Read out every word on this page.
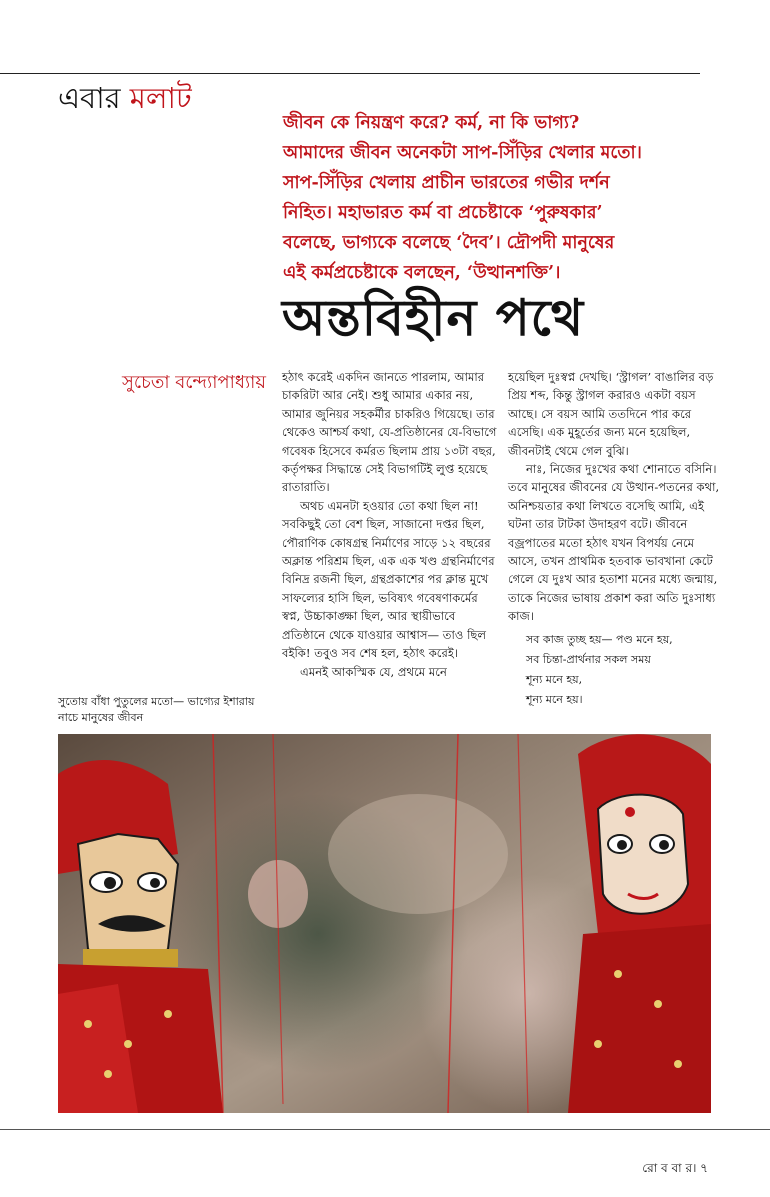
এবার মলাট
জীবন কে নিয়ন্ত্রণ করে? কর্ম, না কি ভাগ্য?
আমাদের জীবন অনেকটা সাপ-সিঁড়ির খেলার মতো।
সাপ-সিঁড়ির খেলায় প্রাচীন ভারতের গভীর দর্শন
নিহিত। মহাভারত কর্ম বা প্রচেষ্টাকে ‘পুরুষকার’
বলেছে, ভাগ্যকে বলেছে ‘দৈব’। দ্রৌপদী মানুষের
এই কর্মপ্রচেষ্টাকে বলছেন, ‘উত্থানশক্তি’।
অন্তবিহীন পথে
সুচেতা বন্দ্যোপাধ্যায় হঠাৎ করেই একদিন জানতে পারলাম, আমার চাকরিটা আর নেই। শুধু আমার একার নয়, আমার জুনিয়র সহকর্মীর চাকরিও গিয়েছে। তার থেকেও আশ্চর্য কথা, যে-প্রতিষ্ঠানের যে-বিভাগে গবেষক হিসেবে কর্মরত ছিলাম প্রায় ১৩টা বছর, কর্তৃপক্ষর সিদ্ধান্তে সেই বিভাগটিই লুপ্ত হয়েছে রাতারাতি।

অথচ এমনটা হওয়ার তো কথা ছিল না! সবকিছুই তো বেশ ছিল, সাজানো দপ্তর ছিল, পৌরাণিক কোষগ্রন্থ নির্মাণের সাড়ে ১২ বছরের অক্লান্ত পরিশ্রম ছিল, এক এক খণ্ড গ্রন্থনির্মাণের বিনিদ্র রজনী ছিল, গ্রন্থপ্রকাশের পর ক্লান্ত মুখে সাফল্যের হাসি ছিল, ভবিষ্যৎ গবেষণাকর্মের স্বপ্ন, উচ্চাকাঙ্ক্ষা ছিল, আর স্থায়ীভাবে প্রতিষ্ঠানে থেকে যাওয়ার আশ্বাস— তাও ছিল বইকি! তবুও সব শেষ হল, হঠাৎ করেই।

এমনই আকস্মিক যে, প্রথমে মনে

হয়েছিল দুঃস্বপ্ন দেখছি। ‘স্ট্রাগল’ বাঙালির বড় প্রিয় শব্দ, কিন্তু স্ট্রাগল করারও একটা বয়স আছে। সে বয়স আমি ততদিনে পার করে এসেছি। এক মুহূর্তের জন্য মনে হয়েছিল, জীবনটাই থেমে গেল বুঝি।

নাঃ, নিজের দুঃখের কথা শোনাতে বসিনি। তবে মানুষের জীবনের যে উত্থান-পতনের কথা, অনিশ্চয়তার কথা লিখতে বসেছি আমি, এই ঘটনা তার টাটকা উদাহরণ বটে। জীবনে বজ্রপাতের মতো হঠাৎ যখন বিপর্যয় নেমে আসে, তখন প্রাথমিক হতবাক ভাবখানা কেটে গেলে যে দুঃখ আর হতাশা মনের মধ্যে জন্মায়, তাকে নিজের ভাষায় প্রকাশ করা অতি দুঃসাধ্য কাজ।

সব কাজ তুচ্ছ হয়— পণ্ড মনে হয়,
সব চিন্তা-প্রার্থনার সকল সময়
শূন্য মনে হয়,
শূন্য মনে হয়।
সুতোয় বাঁধা পুতুলের মতো— ভাগ্যের ইশারায় নাচে মানুষের জীবন
রো ব বা র। ৭
